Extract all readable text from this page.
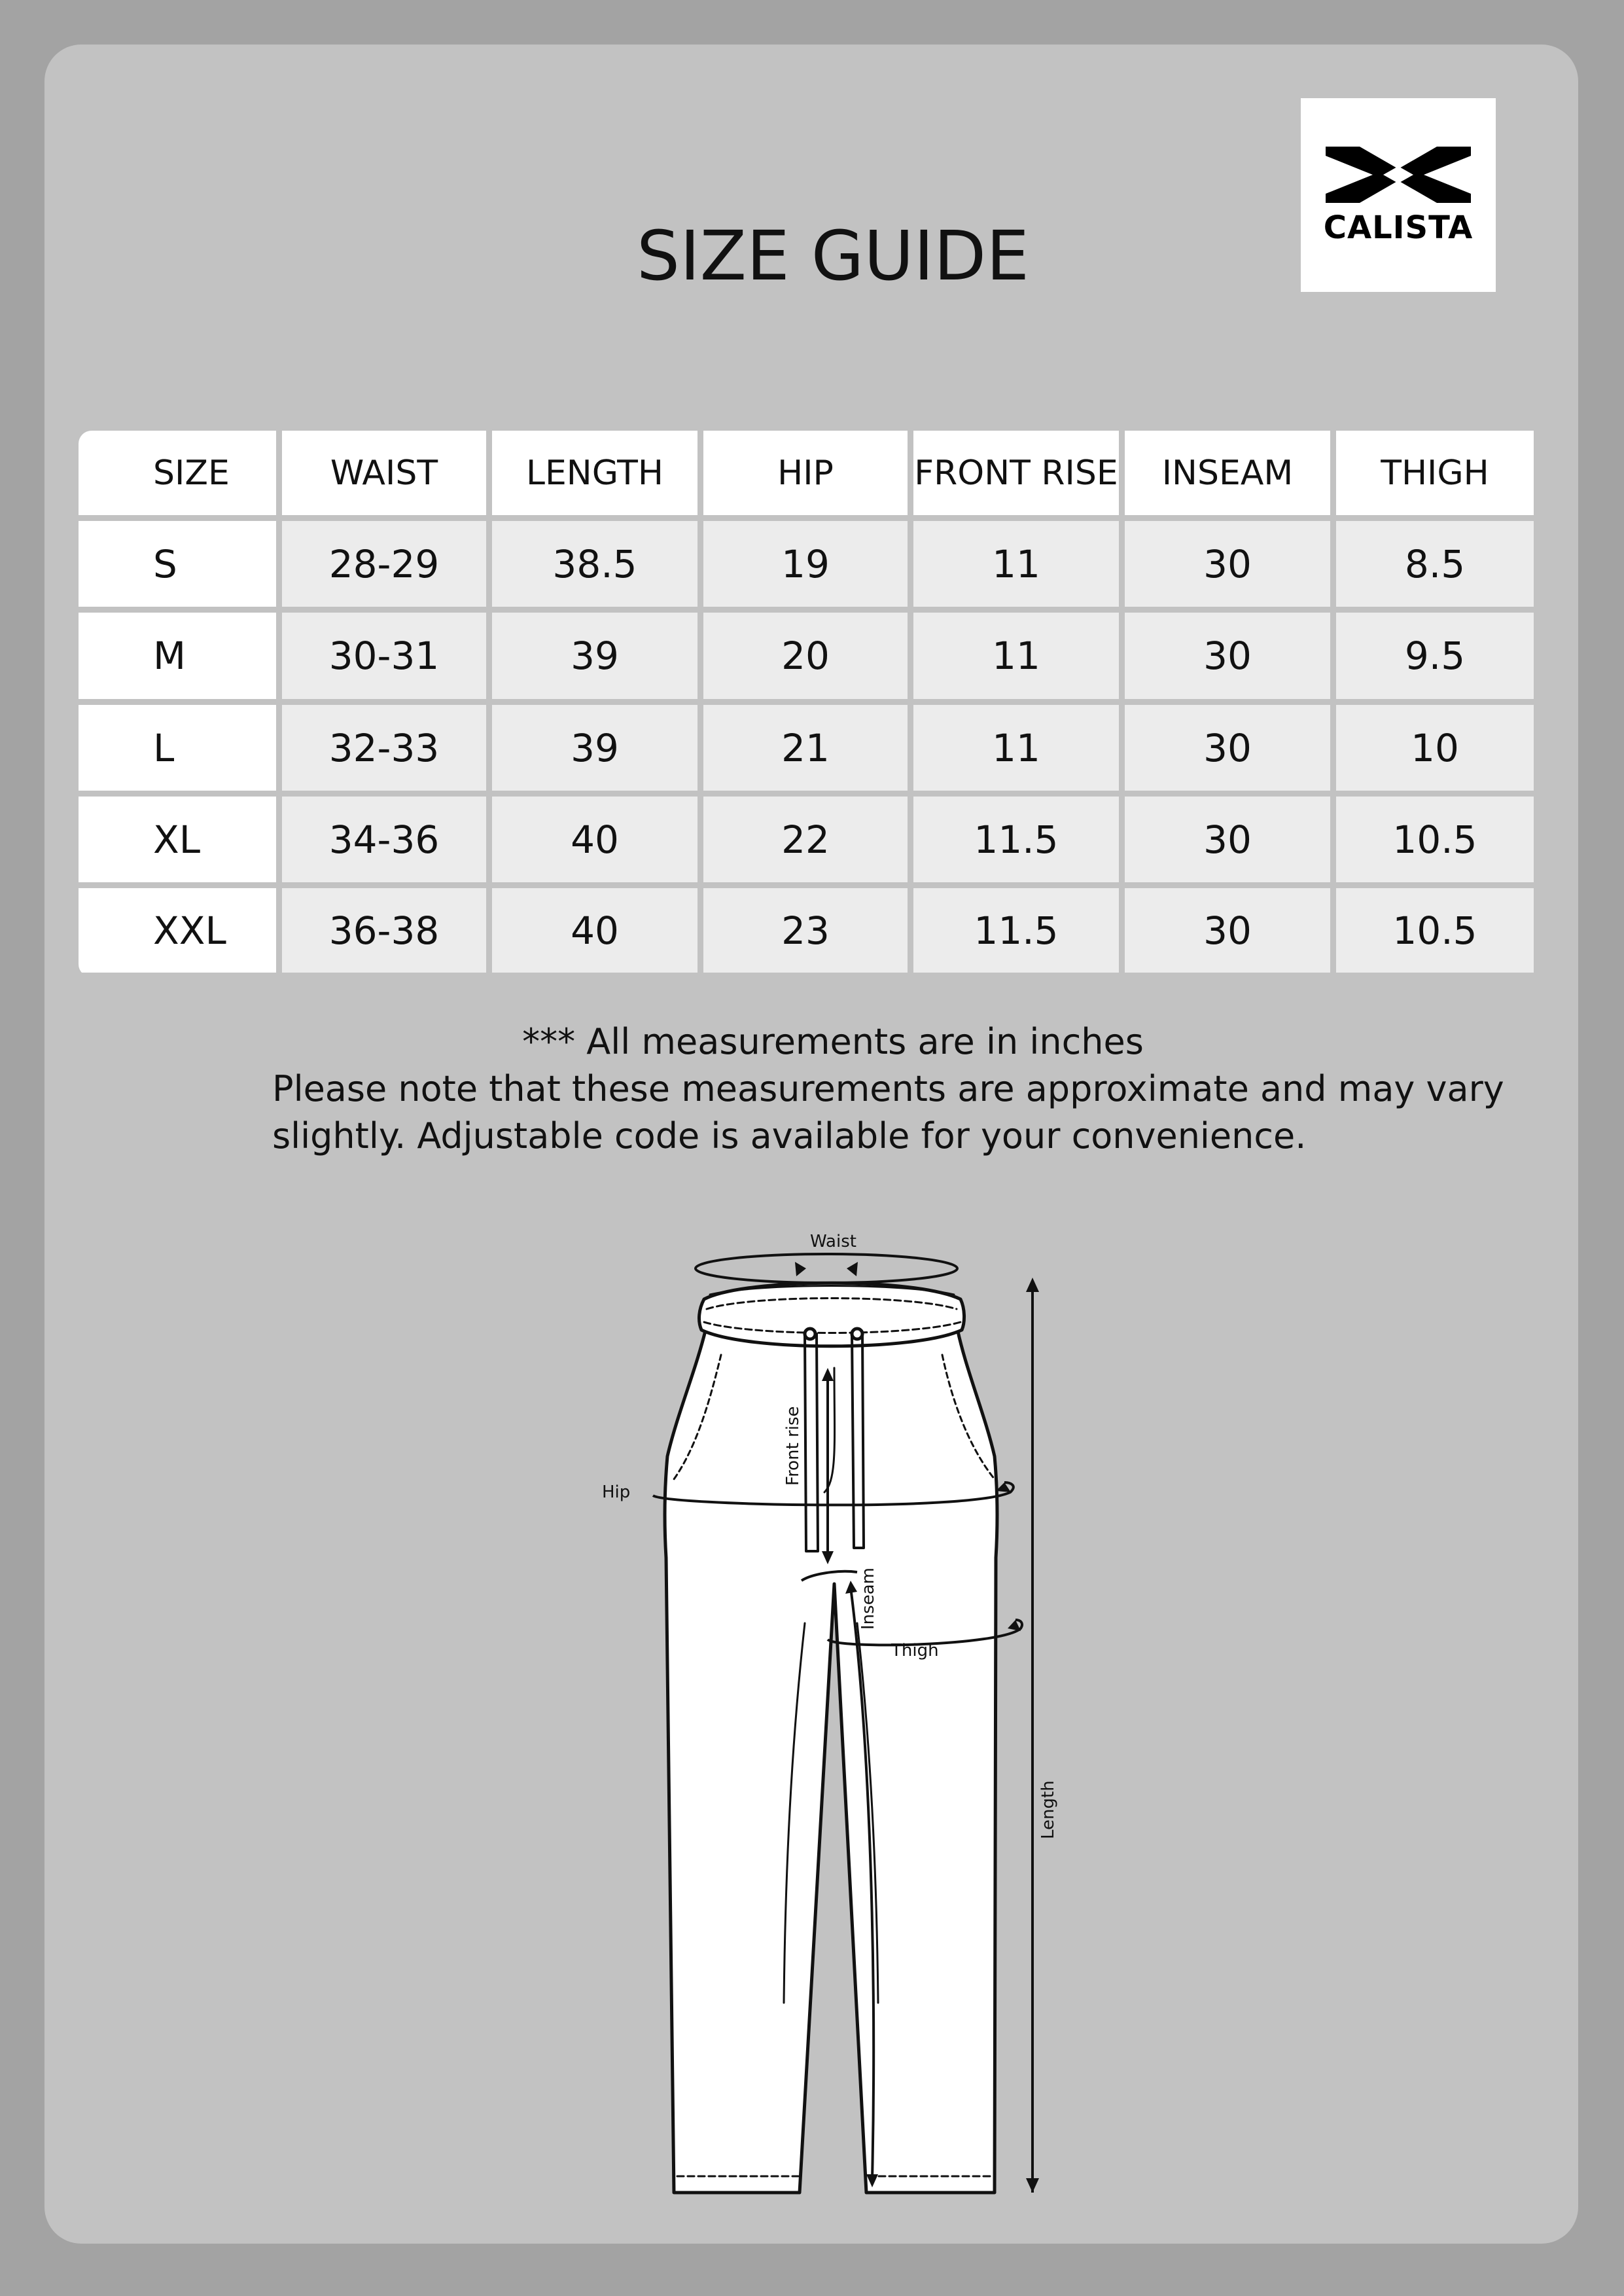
CALISTA
SIZE GUIDE
SIZE	WAIST	LENGTH	HIP	FRONT RISE	INSEAM	THIGH
S	28-29	38.5	19	11	30	8.5
M	30-31	39	20	11	30	9.5
L	32-33	39	21	11	30	10
XL	34-36	40	22	11.5	30	10.5
XXL	36-38	40	23	11.5	30	10.5
*** All measurements are in inches
Please note that these measurements are approximate and may vary
slightly. Adjustable code is available for your convenience.
Waist
Hip
Thigh
Front rise
Inseam
Length
